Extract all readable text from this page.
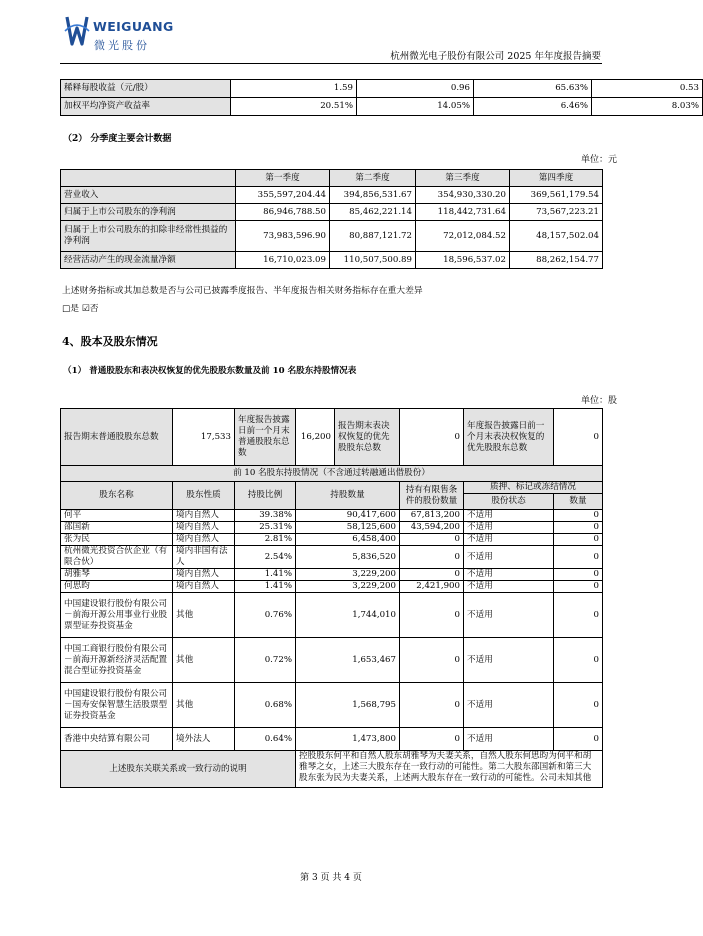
WEIGUANG
微光股份
杭州微光电子股份有限公司 2025 年年度报告摘要
稀释每股收益（元/股）	1.59	0.96	65.63%	0.53
加权平均净资产收益率	20.51%	14.05%	6.46%	8.03%
（2） 分季度主要会计数据
单位：元
	第一季度	第二季度	第三季度	第四季度
营业收入	355,597,204.44	394,856,531.67	354,930,330.20	369,561,179.54
归属于上市公司股东的净利润	86,946,788.50	85,462,221.14	118,442,731.64	73,567,223.21
归属于上市公司股东的扣除非经常性损益的净利润	73,983,596.90	80,887,121.72	72,012,084.52	48,157,502.04
经营活动产生的现金流量净额	16,710,023.09	110,507,500.89	18,596,537.02	88,262,154.77
上述财务指标或其加总数是否与公司已披露季度报告、半年度报告相关财务指标存在重大差异
□是 ☑否
4、股本及股东情况
（1） 普通股股东和表决权恢复的优先股股东数量及前 10 名股东持股情况表
单位：股
报告期末普通股股东总数	17,533	年度报告披露日前一个月末普通股股东总数	16,200	报告期末表决权恢复的优先股股东总数	0	年度报告披露日前一个月末表决权恢复的优先股股东总数	0
前 10 名股东持股情况（不含通过转融通出借股份）							
股东名称	股东性质	持股比例	持股数量		持有有限售条件的股份数量	质押、标记或冻结情况	
						股份状态	数量
何平	境内自然人	39.38%	90,417,600		67,813,200	不适用	0
邵国新	境内自然人	25.31%	58,125,600		43,594,200	不适用	0
张为民	境内自然人	2.81%	6,458,400		0	不适用	0
杭州微光投资合伙企业（有限合伙）	境内非国有法人	2.54%	5,836,520		0	不适用	0
胡雅琴	境内自然人	1.41%	3,229,200		0	不适用	0
何思昀	境内自然人	1.41%	3,229,200		2,421,900	不适用	0
中国建设银行股份有限公司－前海开源公用事业行业股票型证券投资基金	其他	0.76%	1,744,010		0	不适用	0
中国工商银行股份有限公司－前海开源新经济灵活配置混合型证券投资基金	其他	0.72%	1,653,467		0	不适用	0
中国建设银行股份有限公司－国寿安保智慧生活股票型证券投资基金	其他	0.68%	1,568,795		0	不适用	0
香港中央结算有限公司	境外法人	0.64%	1,473,800		0	不适用	0
上述股东关联关系或一致行动的说明			控股股东何平和自然人股东胡雅琴为夫妻关系，自然人股东何思昀为何平和胡雅琴之女，上述三大股东存在一致行动的可能性。第二大股东邵国新和第三大股东张为民为夫妻关系，上述两大股东存在一致行动的可能性。公司未知其他				
第 3 页 共 4 页
